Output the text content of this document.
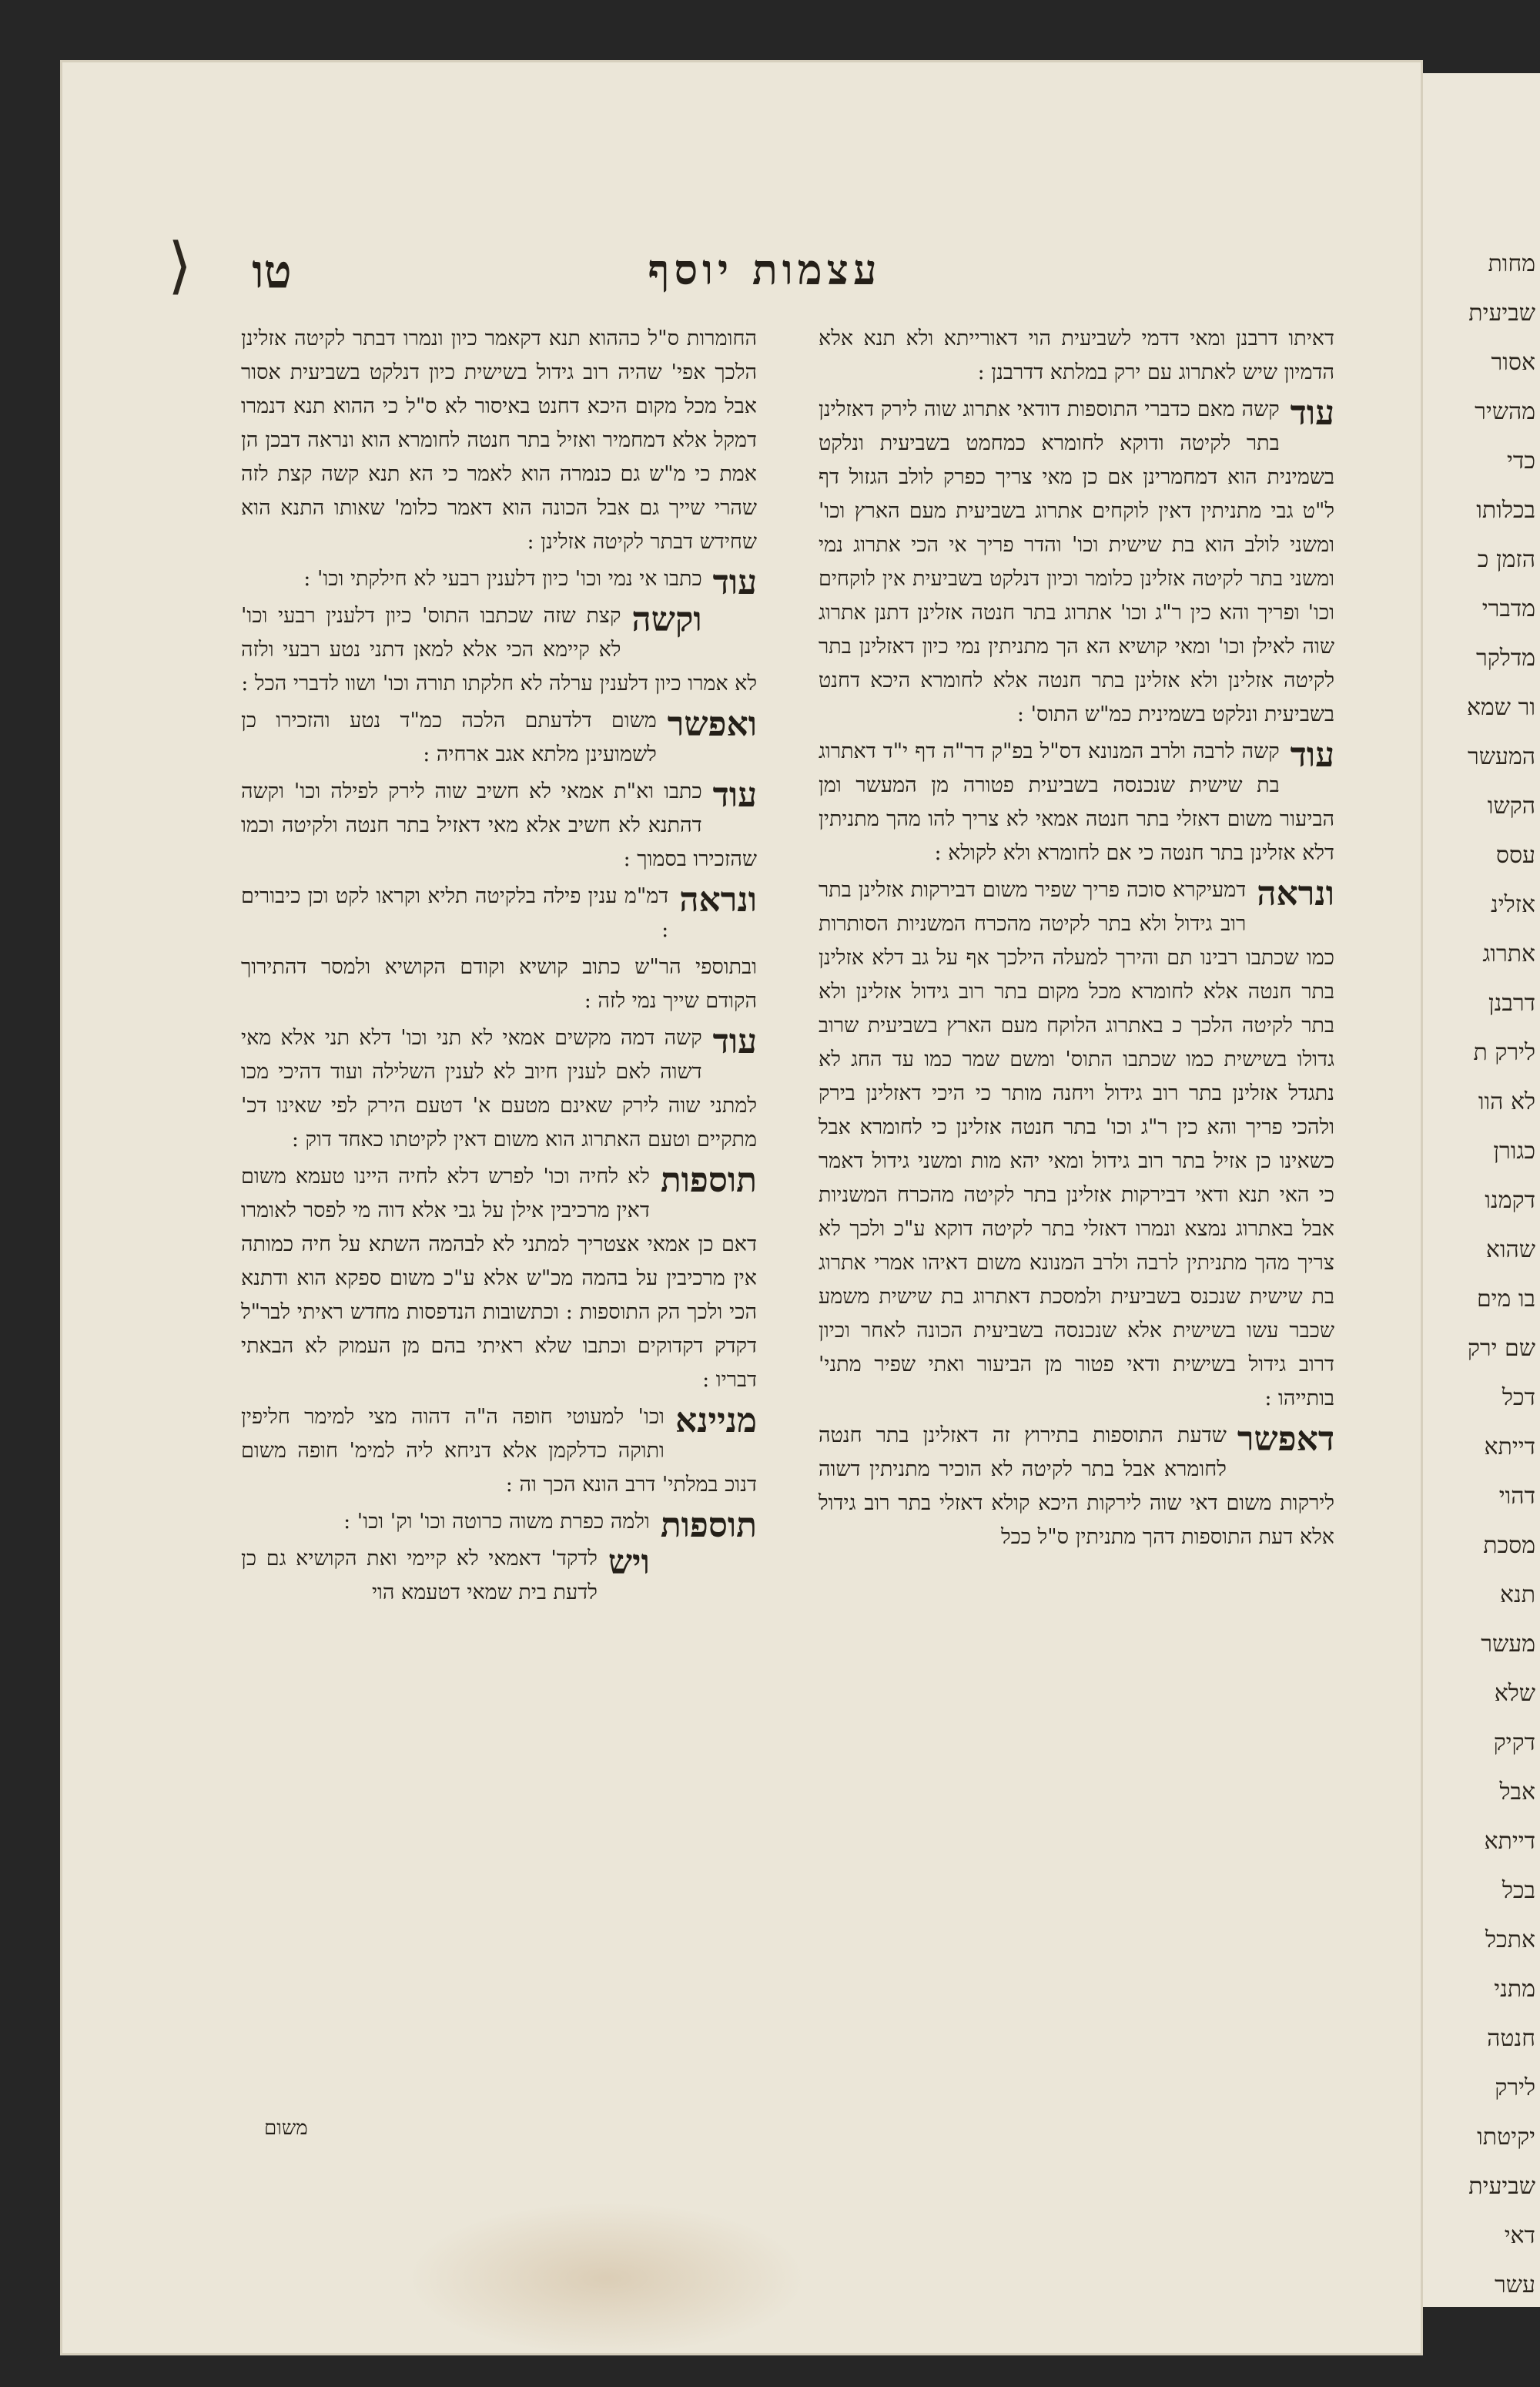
מחות
שביעית
אסור
מהשיר
כדי
בכלותו
הזמן כ
מדברי
מדלקר
ור שמא
המעשר
הקשו
עסס
אזלינ
אתרוג
דרבנן
לירק ת
לא הוו
כגורן
דקמנו
שהוא
בו מים
שם ירק
דכל
דייתא
דהוי
מסכת
תנא
מעשר
שלא
דקיק
אבל
דייתא
בכל
אתכל
מתני
חנטה
לירק
יקיטתו
שביעית
דאי
עשר
עצמות יוסף
טו
⟨

דאיתו דרבנן ומאי דדמי לשביעית הוי דאורייתא ולא תנא אלא הדמיון שיש לאתרוג עם ירק במלתא דדרבנן :

עוד
קשה מאם כדברי התוספות דודאי אתרוג שוה לירק דאזלינן בתר לקיטה ודוקא לחומרא כמחמט בשביעית ונלקט בשמינית הוא דמחמרינן אם כן מאי צריך כפרק לולב הגזול דף ל"ט גבי מתניתין דאין לוקחים אתרוג בשביעית מעם הארץ וכו' ומשני לולב הוא בת שישית וכו' והדר פריך אי הכי אתרוג נמי ומשני בתר לקיטה אזלינן כלומר וכיון דנלקט בשביעית אין לוקחים וכו' ופריך והא כין ר"ג וכו' אתרוג בתר חנטה אזלינן דתנן אתרוג שוה לאילן וכו' ומאי קושיא הא הך מתניתין נמי כיון דאזלינן בתר לקיטה אזלינן ולא אזלינן בתר חנטה אלא לחומרא היכא דחנט בשביעית ונלקט בשמינית כמ"ש התוס' :

עוד
קשה לרבה ולרב המנונא דס"ל בפ"ק דר"ה דף י"ד דאתרוג בת שישית שנכנסה בשביעית פטורה מן המעשר ומן הביעור משום דאזלי בתר חנטה אמאי לא צריך להו מהך מתניתין דלא אזלינן בתר חנטה כי אם לחומרא ולא לקולא :

ונראה
דמעיקרא סוכה פריך שפיר משום דבירקות אזלינן בתר רוב גידול ולא בתר לקיטה מהכרח המשניות הסותרות כמו שכתבו רבינו תם והירך למעלה הילכך אף על גב דלא אזלינן בתר חנטה אלא לחומרא מכל מקום בתר רוב גידול אזלינן ולא בתר לקיטה הלכך כ באתרוג הלוקח מעם הארץ בשביעית שרוב גדולו בשישית כמו שכתבו התוס' ומשם שמר כמו עד החג לא נתגדל אזלינן בתר רוב גידול ויחנה מותר כי היכי דאזלינן בירק ולהכי פריך והא כין ר"ג וכו' בתר חנטה אזלינן כי לחומרא אבל כשאינו כן אזיל בתר רוב גידול ומאי יהא מות ומשני גידול דאמר כי האי תנא ודאי דבירקות אזלינן בתר לקיטה מהכרח המשניות אבל באתרוג נמצא ונמרו דאזלי בתר לקיטה דוקא ע"כ ולכך לא צריך מהך מתניתין לרבה ולרב המנונא משום דאיהו אמרי אתרוג בת שישית שנכנס בשביעית ולמסכת דאתרוג בת שישית משמע שכבר עשו בשישית אלא שנכנסה בשביעית הכונה לאחר וכיון דרוב גידול בשישית ודאי פטור מן הביעור ואתי שפיר מתני' בותייהו :

דאפשר
שדעת התוספות בתירוץ זה דאזלינן בתר חנטה לחומרא אבל בתר לקיטה לא הוכיר מתניתין דשוה לירקות משום דאי שוה לירקות היכא קולא דאזלי בתר רוב גידול אלא דעת התוספות דהך מתניתין ס"ל ככל

החומרות ס"ל כההוא תנא דקאמר כיון ונמרו דבתר לקיטה אזלינן הלכך אפי' שהיה רוב גידול בשישית כיון דנלקט בשביעית אסור אבל מכל מקום היכא דחנט באיסור לא ס"ל כי ההוא תנא דנמרו דמקל אלא דמחמיר ואזיל בתר חנטה לחומרא הוא ונראה דבכן הן אמת כי מ"ש גם כנמרה הוא לאמר כי הא תנא קשה קצת לזה שהרי שייך גם אבל הכונה הוא דאמר כלומ' שאותו התנא הוא שחידש דבתר לקיטה אזלינן :

עוד
כתבו אי נמי וכו' כיון דלענין רבעי לא חילקתי וכו' :

וקשה
קצת שזה שכתבו התוס' כיון דלענין רבעי וכו' לא קיימא הכי אלא למאן דתני נטע רבעי ולזה לא אמרו כיון דלענין ערלה לא חלקתו תורה וכו' ושוו לדברי הכל :

ואפשר
משום דלדעתם הלכה כמ"ד נטע והזכירו כן לשמועינן מלתא אגב ארחיה :

עוד
כתבו וא"ת אמאי לא חשיב שוה לירק לפילה וכו' וקשה דהתנא לא חשיב אלא מאי דאזיל בתר חנטה ולקיטה וכמו שהזכירו בסמוך :

ונראה
דמ"מ ענין פילה בלקיטה תליא וקראו לקט וכן כיבורים :

ובתוספי הר"ש כתוב קושיא וקודם הקושיא ולמסר דהתירוך הקודם שייך נמי לזה :

עוד
קשה דמה מקשים אמאי לא תני וכו' דלא תני אלא מאי דשוה לאם לענין חיוב לא לענין השלילה ועוד דהיכי מכו למתני שוה לירק שאינם מטעם א' דטעם הירק לפי שאינו דכ' מתקיים וטעם האתרוג הוא משום דאין לקיטתו כאחד דוק :

תוספות
לא לחיה וכו' לפרש דלא לחיה היינו טעמא משום דאין מרכיבין אילן על גבי אלא דוה מי לפסר לאומרו דאם כן אמאי אצטריך למתני לא לבהמה השתא על חיה כמותה אין מרכיבין על בהמה מכ"ש אלא ע"כ משום ספקא הוא ודתנא הכי ולכך הק התוספות : וכתשובות הנדפסות מחדש ראיתי לבר"ל דקדק דקדוקים וכתבו שלא ראיתי בהם מן העמוק לא הבאתי דבריו :

מניינא
וכו' למעוטי חופה ה"ה דהוה מצי למימר חליפין ותוקה כדלקמן אלא דניחא ליה למימ' חופה משום דנוכ במלתי' דרב הונא הכך וה :

תוספות
ולמה כפרת משוה כרוטה וכו' וק' וכו' :

ויש
לדקד' דאמאי לא קיימי ואת הקושיא גם כן לדעת בית שמאי דטעמא הוי

משום
